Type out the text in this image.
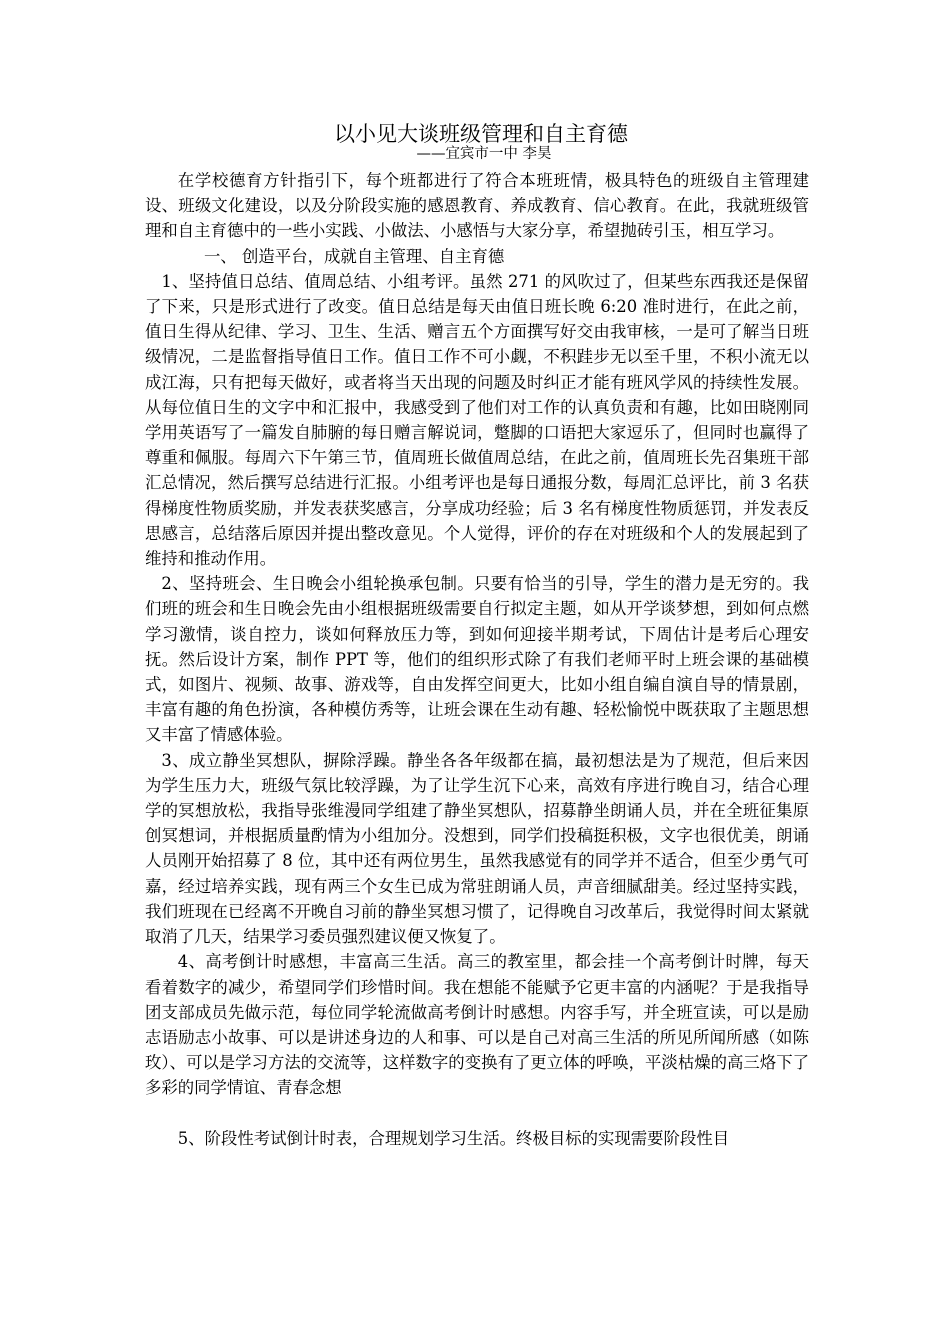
以小见大谈班级管理和自主育德
——宜宾市一中 李昊

在学校德育方针指引下，每个班都进行了符合本班班情，极具特色的班级自主管理建设、班级文化建设，以及分阶段实施的感恩教育、养成教育、信心教育。在此，我就班级管理和自主育德中的一些小实践、小做法、小感悟与大家分享，希望抛砖引玉，相互学习。

一、 创造平台，成就自主管理、自主育德

1、坚持值日总结、值周总结、小组考评。虽然 271 的风吹过了，但某些东西我还是保留了下来，只是形式进行了改变。值日总结是每天由值日班长晚 6:20 准时进行，在此之前，值日生得从纪律、学习、卫生、生活、赠言五个方面撰写好交由我审核，一是可了解当日班级情况，二是监督指导值日工作。值日工作不可小觑，不积跬步无以至千里，不积小流无以成江海，只有把每天做好，或者将当天出现的问题及时纠正才能有班风学风的持续性发展。从每位值日生的文字中和汇报中，我感受到了他们对工作的认真负责和有趣，比如田晓刚同学用英语写了一篇发自肺腑的每日赠言解说词，蹩脚的口语把大家逗乐了，但同时也赢得了尊重和佩服。每周六下午第三节，值周班长做值周总结，在此之前，值周班长先召集班干部汇总情况，然后撰写总结进行汇报。小组考评也是每日通报分数，每周汇总评比，前 3 名获得梯度性物质奖励，并发表获奖感言，分享成功经验；后 3 名有梯度性物质惩罚，并发表反思感言，总结落后原因并提出整改意见。个人觉得，评价的存在对班级和个人的发展起到了维持和推动作用。

2、坚持班会、生日晚会小组轮换承包制。只要有恰当的引导，学生的潜力是无穷的。我们班的班会和生日晚会先由小组根据班级需要自行拟定主题，如从开学谈梦想，到如何点燃学习激情，谈自控力，谈如何释放压力等，到如何迎接半期考试，下周估计是考后心理安抚。然后设计方案，制作 PPT 等，他们的组织形式除了有我们老师平时上班会课的基础模式，如图片、视频、故事、游戏等，自由发挥空间更大，比如小组自编自演自导的情景剧，丰富有趣的角色扮演，各种模仿秀等，让班会课在生动有趣、轻松愉悦中既获取了主题思想又丰富了情感体验。

3、成立静坐冥想队，摒除浮躁。静坐各各年级都在搞，最初想法是为了规范，但后来因为学生压力大，班级气氛比较浮躁，为了让学生沉下心来，高效有序进行晚自习，结合心理学的冥想放松，我指导张维漫同学组建了静坐冥想队，招募静坐朗诵人员，并在全班征集原创冥想词，并根据质量酌情为小组加分。没想到，同学们投稿挺积极，文字也很优美，朗诵人员刚开始招募了 8 位，其中还有两位男生，虽然我感觉有的同学并不适合，但至少勇气可嘉，经过培养实践，现有两三个女生已成为常驻朗诵人员，声音细腻甜美。经过坚持实践，我们班现在已经离不开晚自习前的静坐冥想习惯了，记得晚自习改革后，我觉得时间太紧就取消了几天，结果学习委员强烈建议便又恢复了。

4、高考倒计时感想，丰富高三生活。高三的教室里，都会挂一个高考倒计时牌，每天看着数字的减少，希望同学们珍惜时间。我在想能不能赋予它更丰富的内涵呢？于是我指导团支部成员先做示范，每位同学轮流做高考倒计时感想。内容手写，并全班宣读，可以是励志语励志小故事、可以是讲述身边的人和事、可以是自己对高三生活的所见所闻所感（如陈玫）、可以是学习方法的交流等，这样数字的变换有了更立体的呼唤，平淡枯燥的高三烙下了多彩的同学情谊、青春念想

5、阶段性考试倒计时表，合理规划学习生活。终极目标的实现需要阶段性目
